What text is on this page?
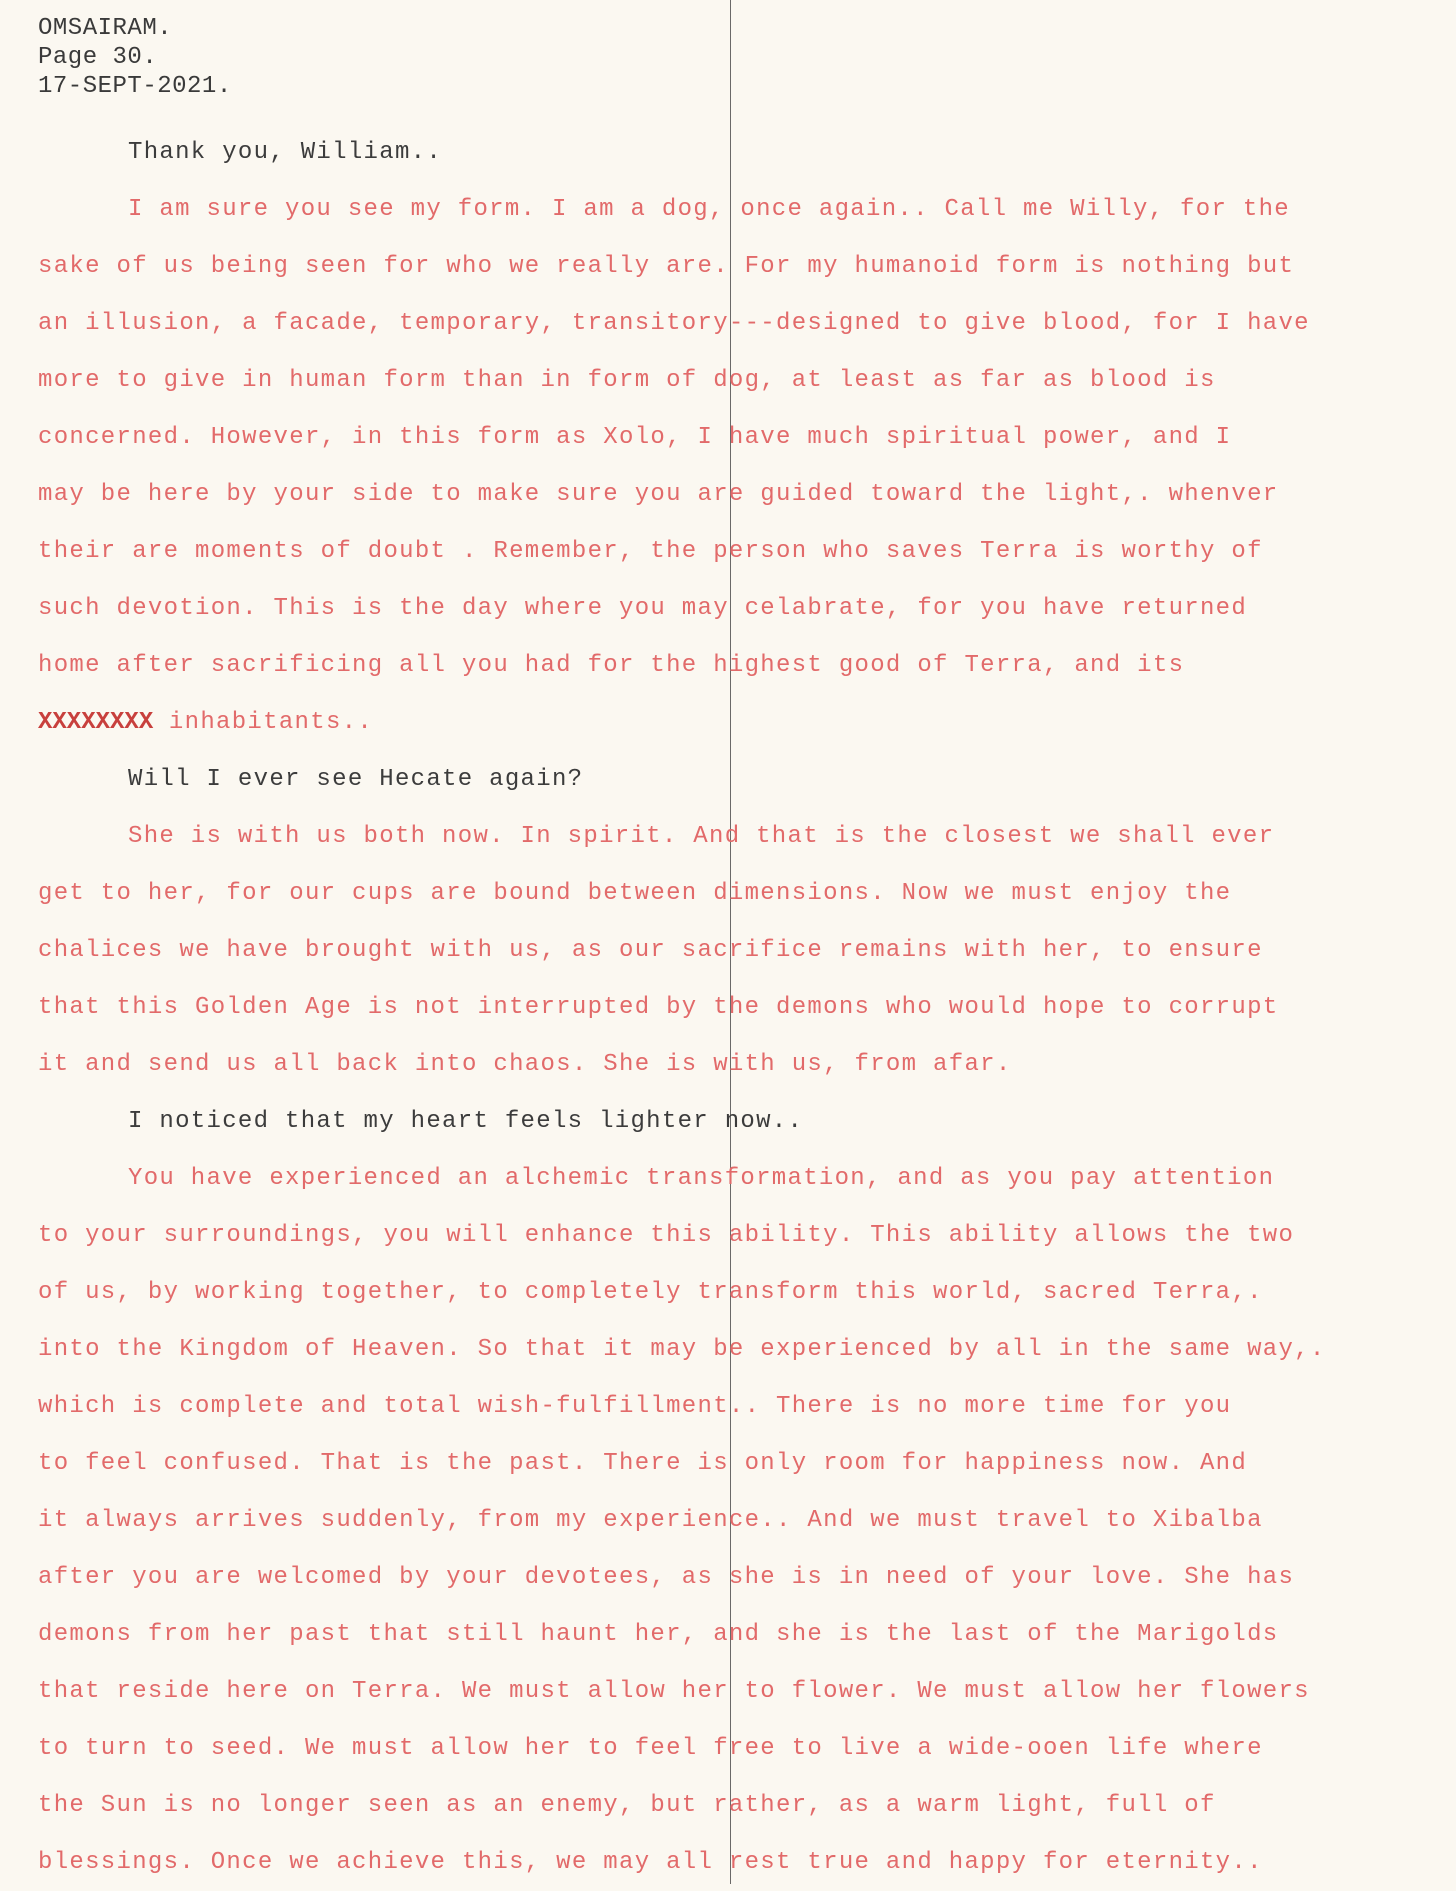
OMSAIRAM.
Page 30.
17-SEPT-2021.

Thank you, William..

I am sure you see my form. I am a dog, once again.. Call me Willy, for the
sake of us being seen for who we really are. For my humanoid form is nothing but
an illusion, a facade, temporary, transitory---designed to give blood, for I have
more to give in human form than in form of dog, at least as far as blood is
concerned. However, in this form as Xolo, I have much spiritual power, and I
may be here by your side to make sure you are guided toward the light,. whenver
their are moments of doubt . Remember, the person who saves Terra is worthy of
such devotion. This is the day where you may celabrate, for you have returned
home after sacrificing all you had for the highest good of Terra, and its
XXXXXXXX inhabitants..

Will I ever see Hecate again?

She is with us both now. In spirit. And that is the closest we shall ever
get to her, for our cups are bound between dimensions. Now we must enjoy the
chalices we have brought with us, as our sacrifice remains with her, to ensure
that this Golden Age is not interrupted by the demons who would hope to corrupt
it and send us all back into chaos. She is with us, from afar.

I noticed that my heart feels lighter now..

You have experienced an alchemic transformation, and as you pay attention
to your surroundings, you will enhance this ability. This ability allows the two
of us, by working together, to completely transform this world, sacred Terra,.
into the Kingdom of Heaven. So that it may be experienced by all in the same way,.
which is complete and total wish-fulfillment.. There is no more time for you
to feel confused. That is the past. There is only room for happiness now. And
it always arrives suddenly, from my experience.. And we must travel to Xibalba
after you are welcomed by your devotees, as she is in need of your love. She has
demons from her past that still haunt her, and she is the last of the Marigolds
that reside here on Terra. We must allow her to flower. We must allow her flowers
to turn to seed. We must allow her to feel free to live a wide-ooen life where
the Sun is no longer seen as an enemy, but rather, as a warm light, full of
blessings. Once we achieve this, we may all rest true and happy for eternity..
